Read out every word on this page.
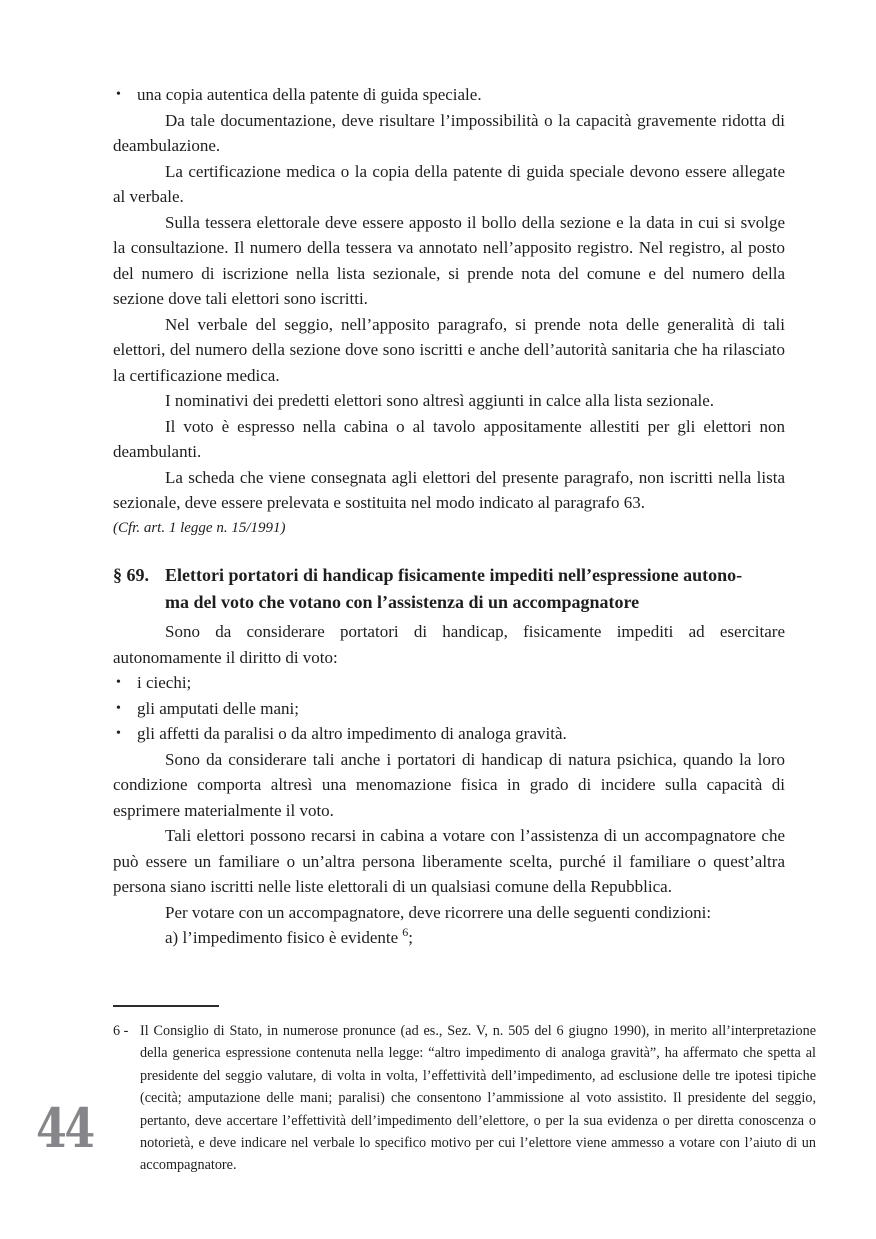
• una copia autentica della patente di guida speciale.

Da tale documentazione, deve risultare l’impossibilità o la capacità gravemente ridotta di deambulazione.

La certificazione medica o la copia della patente di guida speciale devono essere allegate al verbale.

Sulla tessera elettorale deve essere apposto il bollo della sezione e la data in cui si svolge la consultazione. Il numero della tessera va annotato nell’apposito registro. Nel registro, al posto del numero di iscrizione nella lista sezionale, si prende nota del comune e del numero della sezione dove tali elettori sono iscritti.

Nel verbale del seggio, nell’apposito paragrafo, si prende nota delle generalità di tali elettori, del numero della sezione dove sono iscritti e anche dell’autorità sanitaria che ha rilasciato la certificazione medica.

I nominativi dei predetti elettori sono altresì aggiunti in calce alla lista sezionale.

Il voto è espresso nella cabina o al tavolo appositamente allestiti per gli elettori non deambulanti.

La scheda che viene consegnata agli elettori del presente paragrafo, non iscritti nella lista sezionale, deve essere prelevata e sostituita nel modo indicato al paragrafo 63.

(Cfr. art. 1 legge n. 15/1991)

§ 69. Elettori portatori di handicap fisicamente impediti nell’espressione autono-
ma del voto che votano con l’assistenza di un accompagnatore

Sono da considerare portatori di handicap, fisicamente impediti ad esercitare autonomamente il diritto di voto:

• i ciechi;
• gli amputati delle mani;
• gli affetti da paralisi o da altro impedimento di analoga gravità.

Sono da considerare tali anche i portatori di handicap di natura psichica, quando la loro condizione comporta altresì una menomazione fisica in grado di incidere sulla capacità di esprimere materialmente il voto.

Tali elettori possono recarsi in cabina a votare con l’assistenza di un accompagnatore che può essere un familiare o un’altra persona liberamente scelta, purché il familiare o quest’altra persona siano iscritti nelle liste elettorali di un qualsiasi comune della Repubblica.

Per votare con un accompagnatore, deve ricorrere una delle seguenti condizioni:

a) l’impedimento fisico è evidente $^6$;

6 - Il Consiglio di Stato, in numerose pronunce (ad es., Sez. V, n. 505 del 6 giugno 1990), in merito all’interpretazione della generica espressione contenuta nella legge: “altro impedimento di analoga gravità”, ha affermato che spetta al presidente del seggio valutare, di volta in volta, l’effettività dell’impedimento, ad esclusione delle tre ipotesi tipiche (cecità; amputazione delle mani; paralisi) che consentono l’ammissione al voto assistito. Il presidente del seggio, pertanto, deve accertare l’effettività dell’impedimento dell’elettore, o per la sua evidenza o per diretta conoscenza o notorietà, e deve indicare nel verbale lo specifico motivo per cui l’elettore viene ammesso a votare con l’aiuto di un accompagnatore.
44
